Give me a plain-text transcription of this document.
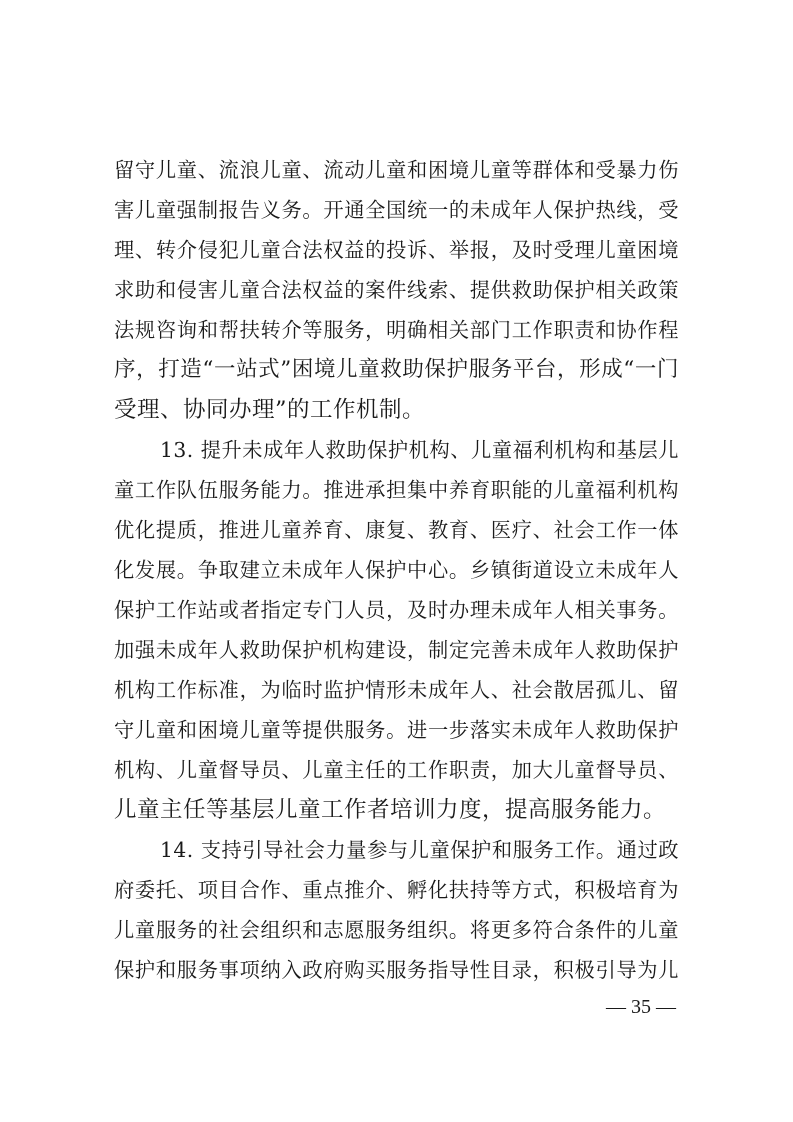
留守儿童、流浪儿童、流动儿童和困境儿童等群体和受暴力伤
害儿童强制报告义务。开通全国统一的未成年人保护热线，受
理、转介侵犯儿童合法权益的投诉、举报，及时受理儿童困境
求助和侵害儿童合法权益的案件线索、提供救助保护相关政策
法规咨询和帮扶转介等服务，明确相关部门工作职责和协作程
序，打造“一站式”困境儿童救助保护服务平台，形成“一门
受理、协同办理”的工作机制。
13. 提升未成年人救助保护机构、儿童福利机构和基层儿
童工作队伍服务能力。推进承担集中养育职能的儿童福利机构
优化提质，推进儿童养育、康复、教育、医疗、社会工作一体
化发展。争取建立未成年人保护中心。乡镇街道设立未成年人
保护工作站或者指定专门人员，及时办理未成年人相关事务。
加强未成年人救助保护机构建设，制定完善未成年人救助保护
机构工作标准，为临时监护情形未成年人、社会散居孤儿、留
守儿童和困境儿童等提供服务。进一步落实未成年人救助保护
机构、儿童督导员、儿童主任的工作职责，加大儿童督导员、
儿童主任等基层儿童工作者培训力度，提高服务能力。
14. 支持引导社会力量参与儿童保护和服务工作。通过政
府委托、项目合作、重点推介、孵化扶持等方式，积极培育为
儿童服务的社会组织和志愿服务组织。将更多符合条件的儿童
保护和服务事项纳入政府购买服务指导性目录，积极引导为儿
— 35 —
